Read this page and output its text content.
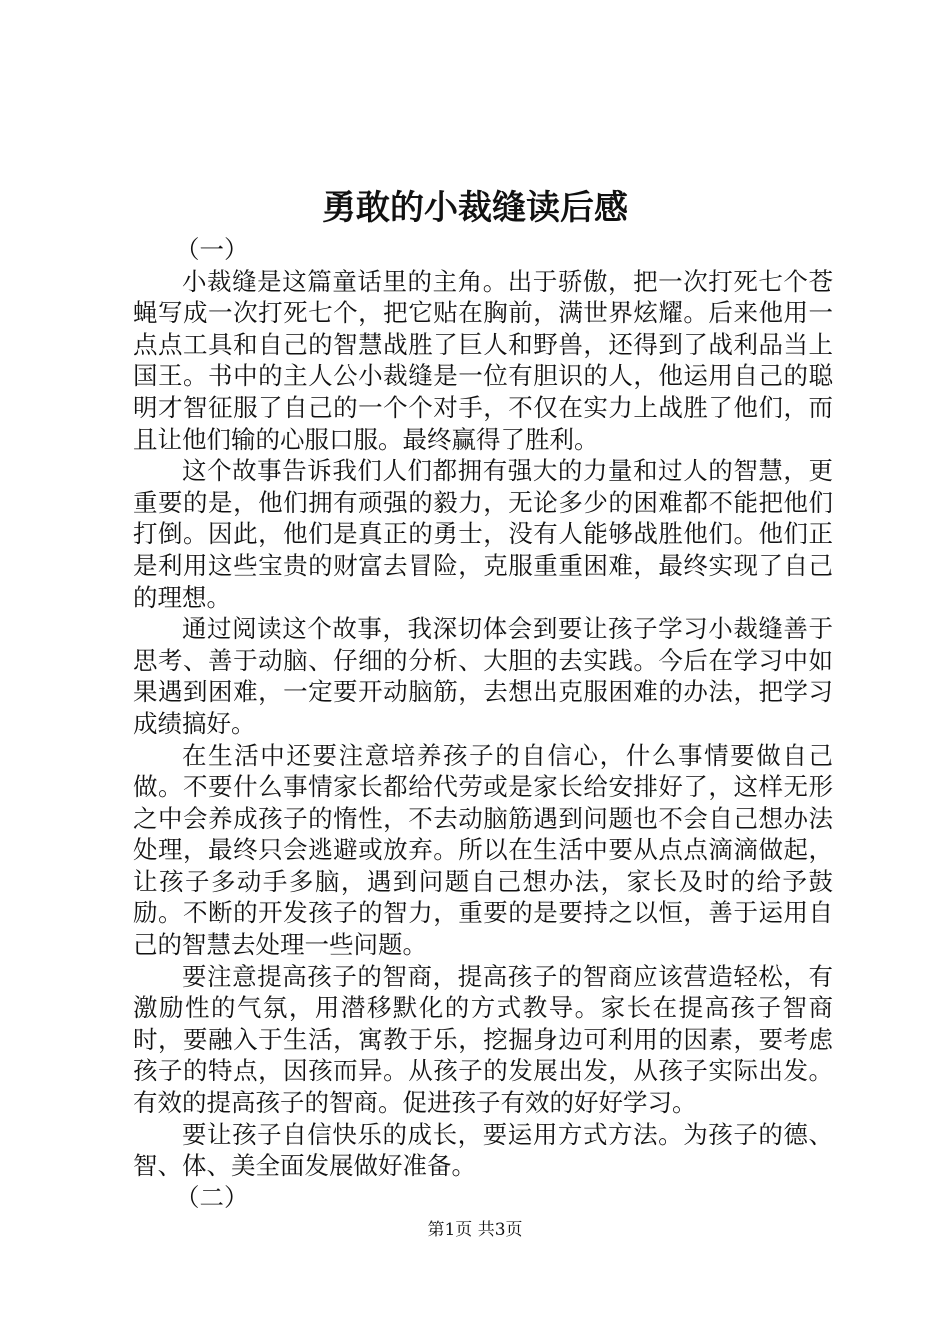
勇敢的小裁缝读后感

（一）

小裁缝是这篇童话里的主角。出于骄傲，把一次打死七个苍蝇写成一次打死七个，把它贴在胸前，满世界炫耀。后来他用一点点工具和自己的智慧战胜了巨人和野兽，还得到了战利品当上国王。书中的主人公小裁缝是一位有胆识的人，他运用自己的聪明才智征服了自己的一个个对手，不仅在实力上战胜了他们，而且让他们输的心服口服。最终赢得了胜利。

这个故事告诉我们人们都拥有强大的力量和过人的智慧，更重要的是，他们拥有顽强的毅力，无论多少的困难都不能把他们打倒。因此，他们是真正的勇士，没有人能够战胜他们。他们正是利用这些宝贵的财富去冒险，克服重重困难，最终实现了自己的理想。

通过阅读这个故事，我深切体会到要让孩子学习小裁缝善于思考、善于动脑、仔细的分析、大胆的去实践。今后在学习中如果遇到困难，一定要开动脑筋，去想出克服困难的办法，把学习成绩搞好。

在生活中还要注意培养孩子的自信心，什么事情要做自己做。不要什么事情家长都给代劳或是家长给安排好了，这样无形之中会养成孩子的惰性，不去动脑筋遇到问题也不会自己想办法处理，最终只会逃避或放弃。所以在生活中要从点点滴滴做起，让孩子多动手多脑，遇到问题自己想办法，家长及时的给予鼓励。不断的开发孩子的智力，重要的是要持之以恒，善于运用自己的智慧去处理一些问题。

要注意提高孩子的智商，提高孩子的智商应该营造轻松，有激励性的气氛，用潜移默化的方式教导。家长在提高孩子智商时，要融入于生活，寓教于乐，挖掘身边可利用的因素，要考虑孩子的特点，因孩而异。从孩子的发展出发，从孩子实际出发。有效的提高孩子的智商。促进孩子有效的好好学习。

要让孩子自信快乐的成长，要运用方式方法。为孩子的德、智、体、美全面发展做好准备。

（二）

第1页 共3页
